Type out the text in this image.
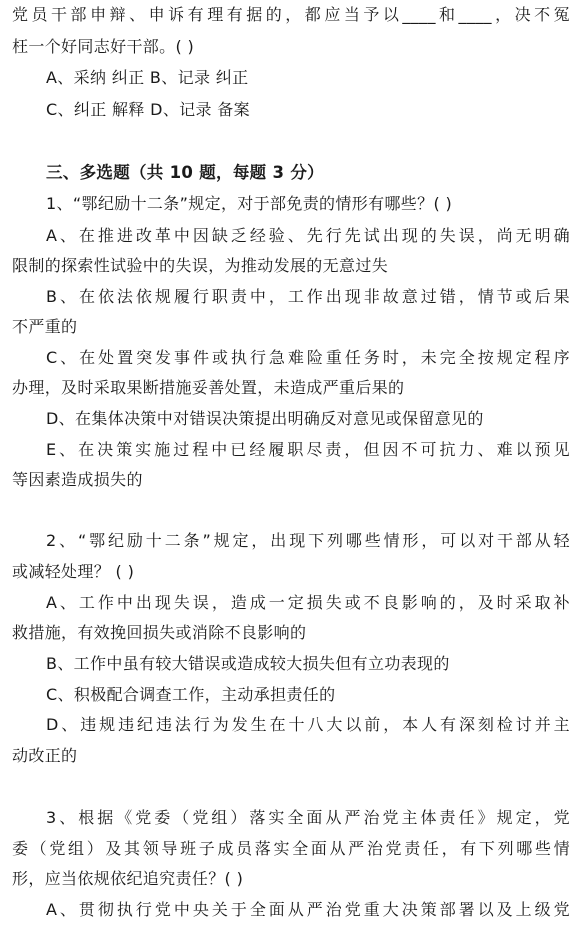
党员干部申辩、申诉有理有据的，都应当予以____和____，决不冤
枉一个好同志好干部。( )
A、采纳 纠正 B、记录 纠正
C、纠正 解释 D、记录 备案
三、多选题（共 10 题，每题 3 分）
1、“鄂纪励十二条”规定，对于部免责的情形有哪些？( )
A、在推进改革中因缺乏经验、先行先试出现的失误，尚无明确
限制的探索性试验中的失误，为推动发展的无意过失
B、在依法依规履行职责中，工作出现非故意过错，情节或后果
不严重的
C、在处置突发事件或执行急难险重任务时，未完全按规定程序
办理，及时采取果断措施妥善处置，未造成严重后果的
D、在集体决策中对错误决策提出明确反对意见或保留意见的
E、在决策实施过程中已经履职尽责，但因不可抗力、难以预见
等因素造成损失的
2、“鄂纪励十二条”规定，出现下列哪些情形，可以对干部从轻
或减轻处理？ ( )
A、工作中出现失误，造成一定损失或不良影响的，及时采取补
救措施，有效挽回损失或消除不良影响的
B、工作中虽有较大错误或造成较大损失但有立功表现的
C、积极配合调查工作，主动承担责任的
D、违规违纪违法行为发生在十八大以前，本人有深刻检讨并主
动改正的
3、根据《党委（党组）落实全面从严治党主体责任》规定，党
委（党组）及其领导班子成员落实全面从严治党责任，有下列哪些情
形，应当依规依纪追究责任？( )
A、贯彻执行党中央关于全面从严治党重大决策部署以及上级党
